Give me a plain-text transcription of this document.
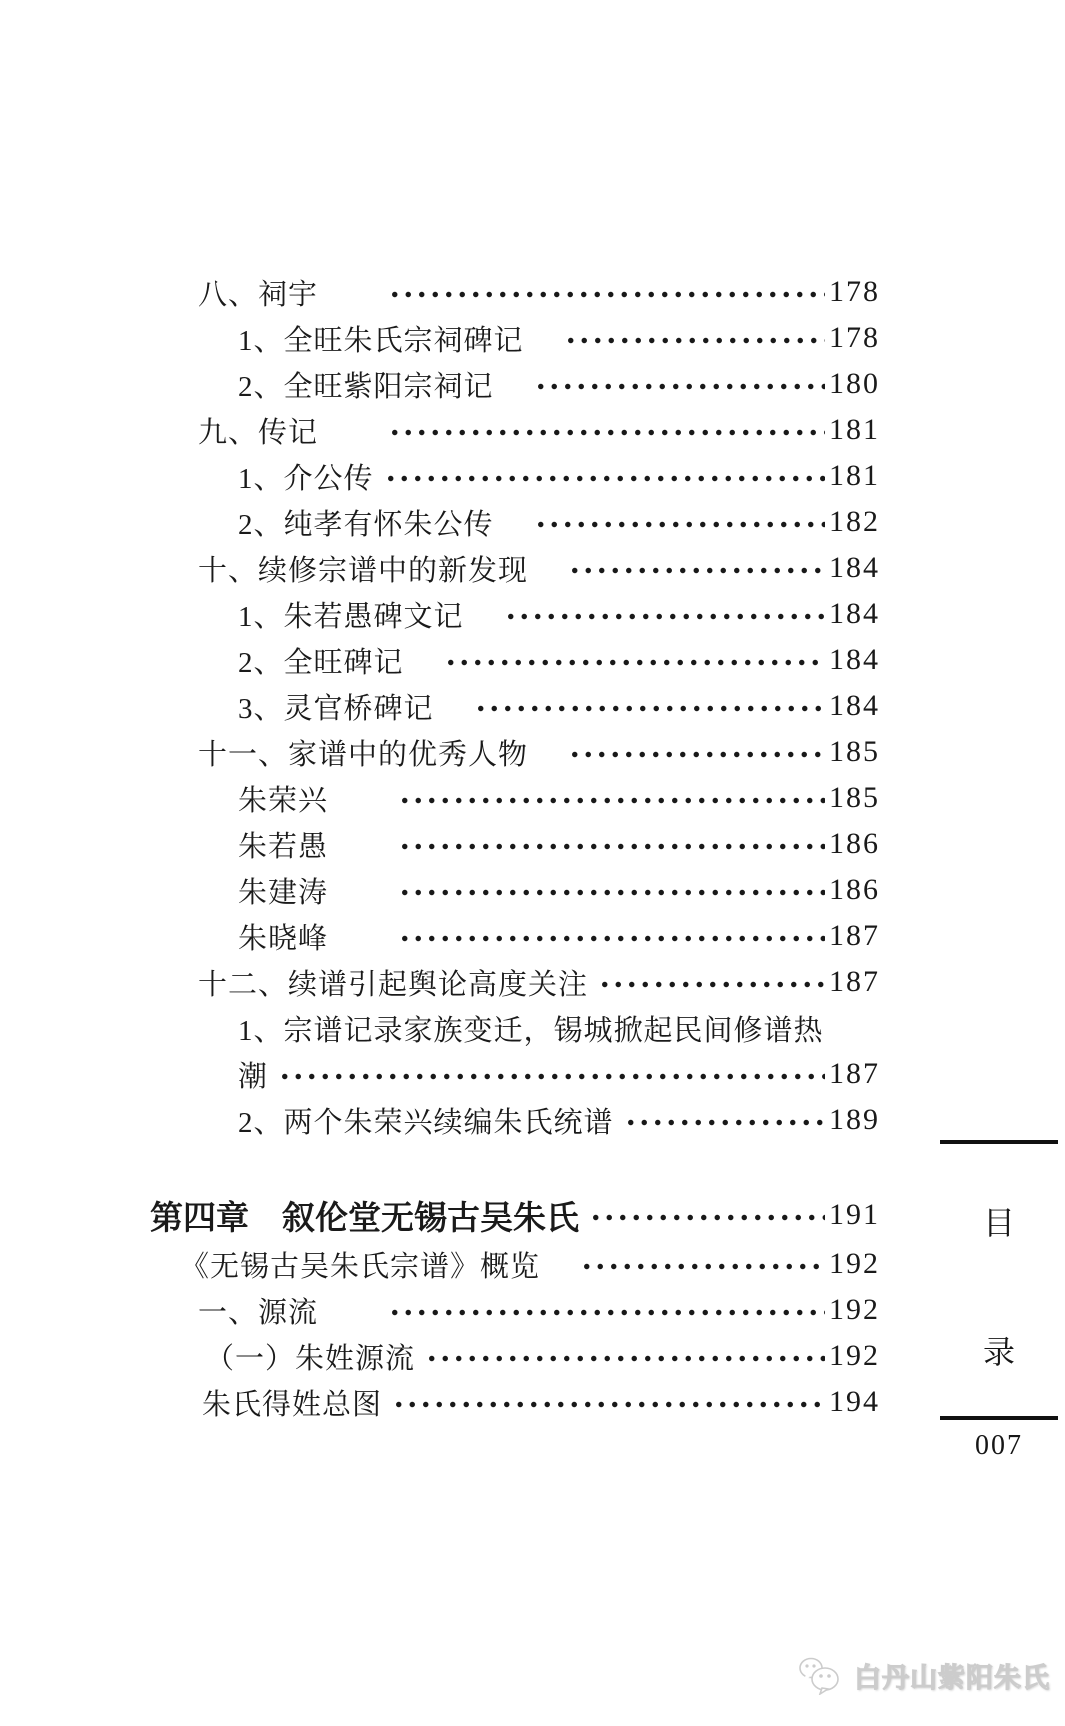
八、祠宇　　	178
1、全旺朱氏宗祠碑记　	178
2、全旺紫阳宗祠记　	180
九、传记　　	181
1、介公传	181
2、纯孝有怀朱公传　	182
十、续修宗谱中的新发现　	184
1、朱若愚碑文记　	184
2、全旺碑记　	184
3、灵官桥碑记　	184
十一、家谱中的优秀人物　	185
朱荣兴　　	185
朱若愚　　	186
朱建涛　　	186
朱晓峰　　	187
十二、续谱引起舆论高度关注	187
1、宗谱记录家族变迁，锡城掀起民间修谱热
潮	187
2、两个朱荣兴续编朱氏统谱	189
第四章　叙伦堂无锡古吴朱氏	191
《无锡古吴朱氏宗谱》概览　	192
一、源流　　	192
（一）朱姓源流	192
朱氏得姓总图	194
目
录
007
白丹山紫阳朱氏
